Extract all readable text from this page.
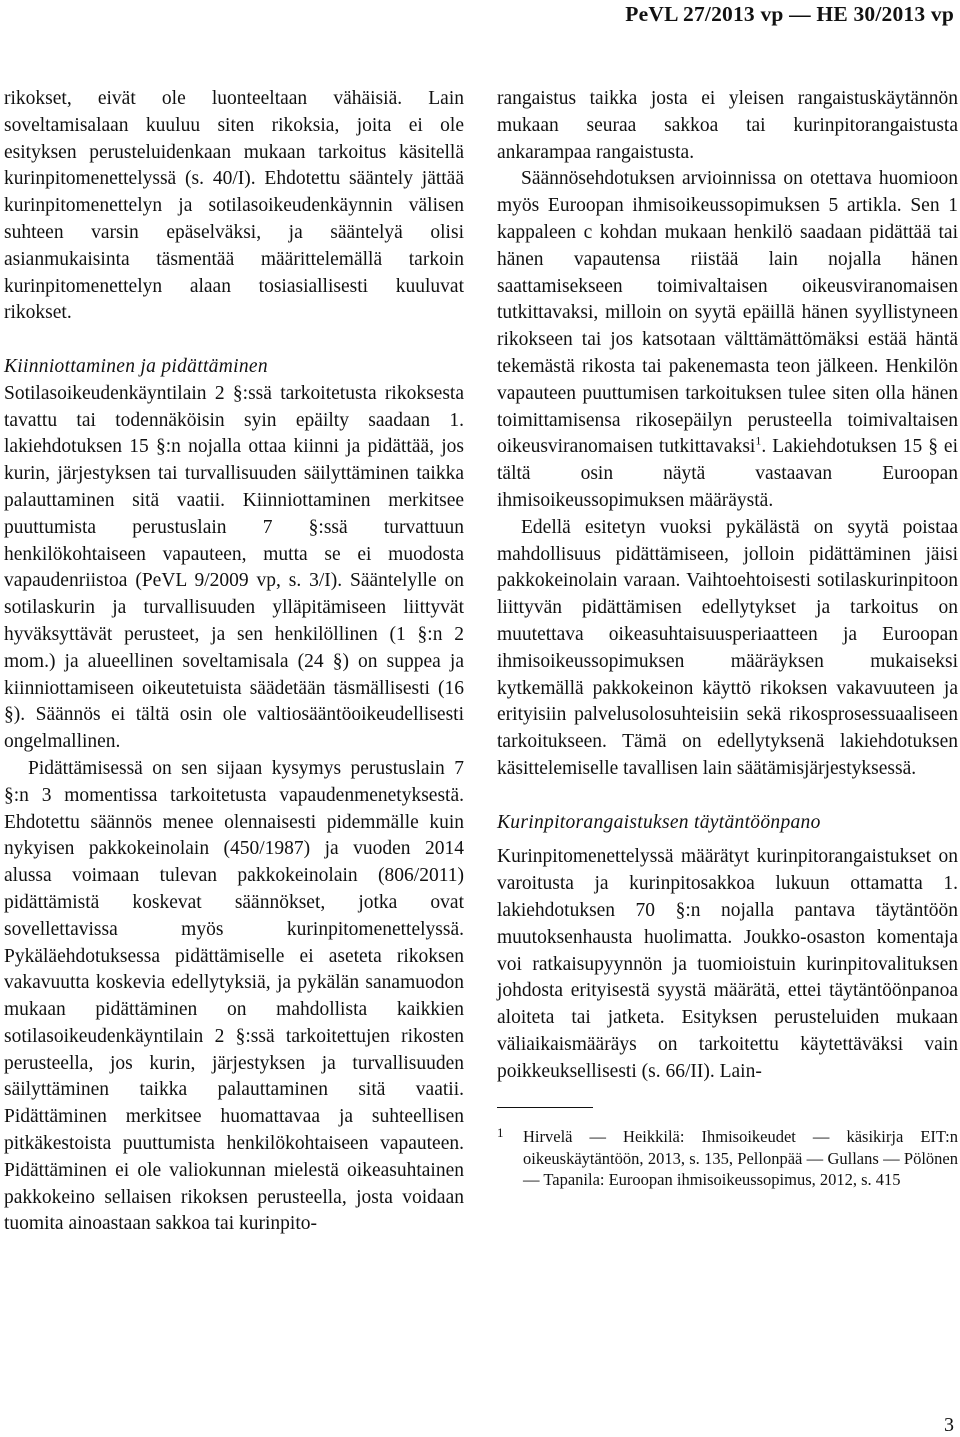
PeVL 27/2013 vp — HE 30/2013 vp

rikokset, eivät ole luonteeltaan vähäisiä. Lain soveltamisalaan kuuluu siten rikoksia, joita ei ole esityksen perusteluidenkaan mukaan tarkoitus käsitellä kurinpitomenettelyssä (s. 40/I). Ehdotettu sääntely jättää kurinpitomenettelyn ja sotilasoikeudenkäynnin välisen suhteen varsin epäselväksi, ja sääntelyä olisi asianmukaisinta täsmentää määrittelemällä tarkoin kurinpitomenettelyn alaan tosiasiallisesti kuuluvat rikokset.

Kiinniottaminen ja pidättäminen

Sotilasoikeudenkäyntilain 2 §:ssä tarkoitetusta rikoksesta tavattu tai todennäköisin syin epäilty saadaan 1. lakiehdotuksen 15 §:n nojalla ottaa kiinni ja pidättää, jos kurin, järjestyksen tai turvallisuuden säilyttäminen taikka palauttaminen sitä vaatii. Kiinniottaminen merkitsee puuttumista perustuslain 7 §:ssä turvattuun henkilökohtaiseen vapauteen, mutta se ei muodosta vapaudenriistoa (PeVL 9/2009 vp, s. 3/I). Sääntelylle on sotilaskurin ja turvallisuuden ylläpitämiseen liittyvät hyväksyttävät perusteet, ja sen henkilöllinen (1 §:n 2 mom.) ja alueellinen soveltamisala (24 §) on suppea ja kiinniottamiseen oikeutetuista säädetään täsmällisesti (16 §). Säännös ei tältä osin ole valtiosääntöoikeudellisesti ongelmallinen.

Pidättämisessä on sen sijaan kysymys perustuslain 7 §:n 3 momentissa tarkoitetusta vapaudenmenetyksestä. Ehdotettu säännös menee olennaisesti pidemmälle kuin nykyisen pakkokeinolain (450/1987) ja vuoden 2014 alussa voimaan tulevan pakkokeinolain (806/2011) pidättämistä koskevat säännökset, jotka ovat sovellettavissa myös kurinpitomenettelyssä. Pykäläehdotuksessa pidättämiselle ei aseteta rikoksen vakavuutta koskevia edellytyksiä, ja pykälän sanamuodon mukaan pidättäminen on mahdollista kaikkien sotilasoikeudenkäyntilain 2 §:ssä tarkoitettujen rikosten perusteella, jos kurin, järjestyksen ja turvallisuuden säilyttäminen taikka palauttaminen sitä vaatii. Pidättäminen merkitsee huomattavaa ja suhteellisen pitkäkestoista puuttumista henkilökohtaiseen vapauteen. Pidättäminen ei ole valiokunnan mielestä oikeasuhtainen pakkokeino sellaisen rikoksen perusteella, josta voidaan tuomita ainoastaan sakkoa tai kurinpito-

rangaistus taikka josta ei yleisen rangaistuskäytännön mukaan seuraa sakkoa tai kurinpitorangaistusta ankarampaa rangaistusta.

Säännösehdotuksen arvioinnissa on otettava huomioon myös Euroopan ihmisoikeussopimuksen 5 artikla. Sen 1 kappaleen c kohdan mukaan henkilö saadaan pidättää tai hänen vapautensa riistää lain nojalla hänen saattamisekseen toimivaltaisen oikeusviranomaisen tutkittavaksi, milloin on syytä epäillä hänen syyllistyneen rikokseen tai jos katsotaan välttämättömäksi estää häntä tekemästä rikosta tai pakenemasta teon jälkeen. Henkilön vapauteen puuttumisen tarkoituksen tulee siten olla hänen toimittamisensa rikosepäilyn perusteella toimivaltaisen oikeusviranomaisen tutkittavaksi$^1$. Lakiehdotuksen 15 § ei tältä osin näytä vastaavan Euroopan ihmisoikeussopimuksen määräystä.

Edellä esitetyn vuoksi pykälästä on syytä poistaa mahdollisuus pidättämiseen, jolloin pidättäminen jäisi pakkokeinolain varaan. Vaihtoehtoisesti sotilaskurinpitoon liittyvän pidättämisen edellytykset ja tarkoitus on muutettava oikeasuhtaisuusperiaatteen ja Euroopan ihmisoikeussopimuksen määräyksen mukaiseksi kytkemällä pakkokeinon käyttö rikoksen vakavuuteen ja erityisiin palvelusolosuhteisiin sekä rikosprosessuaaliseen tarkoitukseen. Tämä on edellytyksenä lakiehdotuksen käsittelemiselle tavallisen lain säätämisjärjestyksessä.

Kurinpitorangaistuksen täytäntöönpano

Kurinpitomenettelyssä määrätyt kurinpitorangaistukset on varoitusta ja kurinpitosakkoa lukuun ottamatta 1. lakiehdotuksen 70 §:n nojalla pantava täytäntöön muutoksenhausta huolimatta. Joukko-osaston komentaja voi ratkaisupyynnön ja tuomioistuin kurinpitovalituksen johdosta erityisestä syystä määrätä, ettei täytäntöönpanoa aloiteta tai jatketa. Esityksen perusteluiden mukaan väliaikaismääräys on tarkoitettu käytettäväksi vain poikkeuksellisesti (s. 66/II). Lain-

1 Hirvelä — Heikkilä: Ihmisoikeudet — käsikirja EIT:n oikeuskäytäntöön, 2013, s. 135, Pellonpää — Gullans — Pölönen — Tapanila: Euroopan ihmisoikeussopimus, 2012, s. 415
3
